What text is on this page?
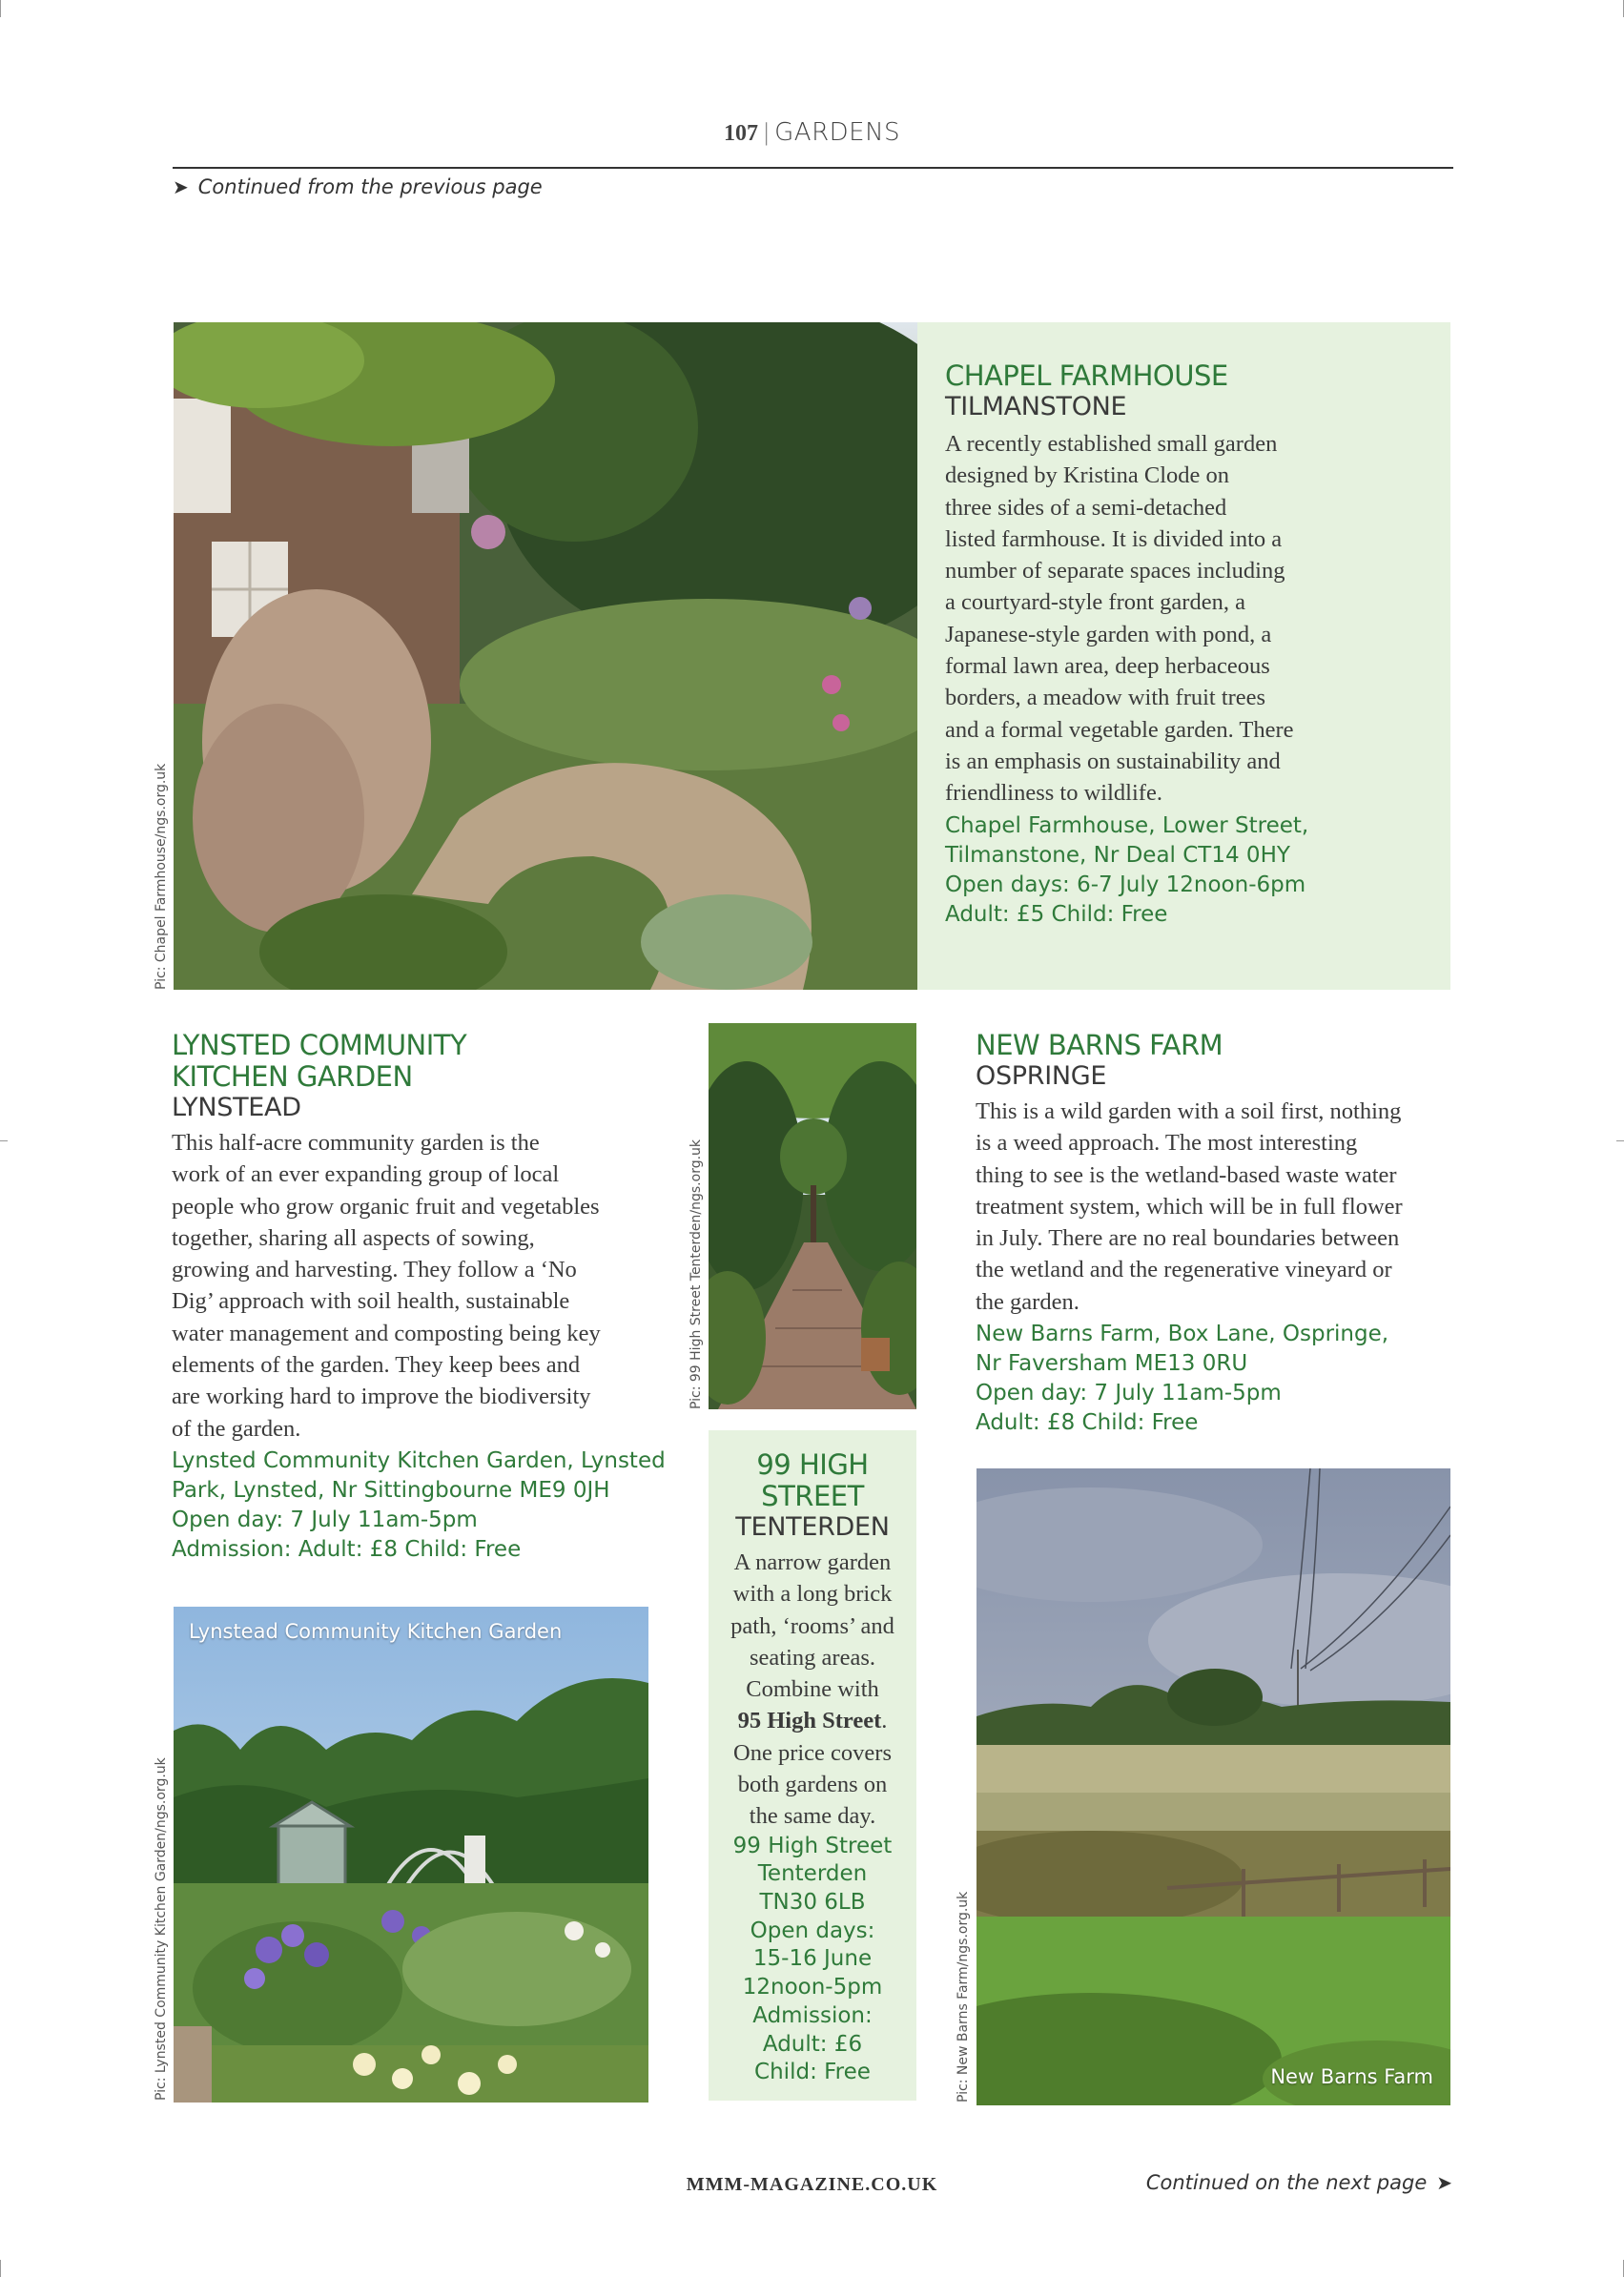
107 | GARDENS
➤ Continued from the previous page
Pic: Chapel Farmhouse/ngs.org.uk
CHAPEL FARMHOUSE
TILMANSTONE
A recently established small garden
designed by Kristina Clode on
three sides of a semi-detached
listed farmhouse. It is divided into a
number of separate spaces including
a courtyard-style front garden, a
Japanese-style garden with pond, a
formal lawn area, deep herbaceous
borders, a meadow with fruit trees
and a formal vegetable garden. There
is an emphasis on sustainability and
friendliness to wildlife.
Chapel Farmhouse, Lower Street,
Tilmanstone, Nr Deal CT14 0HY
Open days: 6-7 July 12noon-6pm
Adult: £5 Child: Free
LYNSTED COMMUNITY
KITCHEN GARDEN
LYNSTEAD
This half-acre community garden is the
work of an ever expanding group of local
people who grow organic fruit and vegetables
together, sharing all aspects of sowing,
growing and harvesting. They follow a ‘No
Dig’ approach with soil health, sustainable
water management and composting being key
elements of the garden. They keep bees and
are working hard to improve the biodiversity
of the garden.
Lynsted Community Kitchen Garden, Lynsted
Park, Lynsted, Nr Sittingbourne ME9 0JH
Open day: 7 July 11am-5pm
Admission: Adult: £8 Child: Free
Lynstead Community Kitchen Garden
Pic: Lynsted Community Kitchen Garden/ngs.org.uk
Pic: 99 High Street Tenterden/ngs.org.uk
99 HIGH
STREET
TENTERDEN
A narrow garden
with a long brick
path, ‘rooms’ and
seating areas.
Combine with
95 High Street.
One price covers
both gardens on
the same day.
99 High Street
Tenterden
TN30 6LB
Open days:
15-16 June
12noon-5pm
Admission:
Adult: £6
Child: Free
NEW BARNS FARM
OSPRINGE
This is a wild garden with a soil first, nothing
is a weed approach. The most interesting
thing to see is the wetland-based waste water
treatment system, which will be in full flower
in July. There are no real boundaries between
the wetland and the regenerative vineyard or
the garden.
New Barns Farm, Box Lane, Ospringe,
Nr Faversham ME13 0RU
Open day: 7 July 11am-5pm
Adult: £8 Child: Free
New Barns Farm
Pic: New Barns Farm/ngs.org.uk
MMM-MAGAZINE.CO.UK	Continued on the next page ➤
